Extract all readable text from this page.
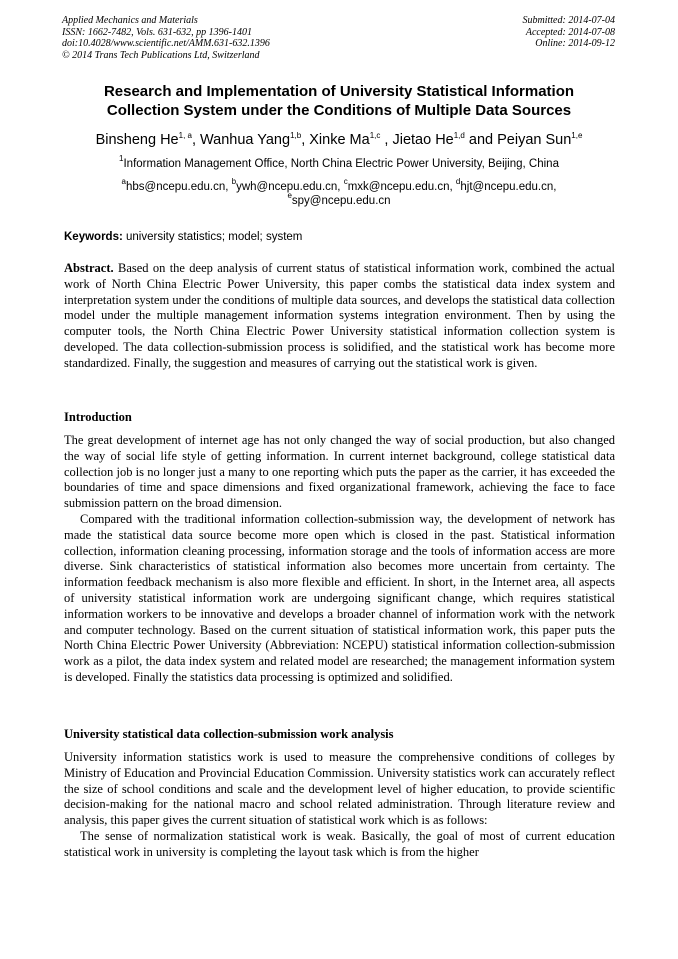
Applied Mechanics and Materials
ISSN: 1662-7482, Vols. 631-632, pp 1396-1401
doi:10.4028/www.scientific.net/AMM.631-632.1396
© 2014 Trans Tech Publications Ltd, Switzerland
Submitted: 2014-07-04
Accepted: 2014-07-08
Online: 2014-09-12
Research and Implementation of University Statistical Information
Collection System under the Conditions of Multiple Data Sources
Binsheng He$^{1, a}$, Wanhua Yang$^{1,b}$, Xinke Ma$^{1,c}$ , Jietao He$^{1,d}$ and Peiyan Sun$^{1,e}$
$^1$Information Management Office, North China Electric Power University, Beijing, China
$^a$hbs@ncepu.edu.cn, $^b$ywh@ncepu.edu.cn, $^c$mxk@ncepu.edu.cn, $^d$hjt@ncepu.edu.cn,
$^e$spy@ncepu.edu.cn
Keywords: university statistics; model; system
Abstract. Based on the deep analysis of current status of statistical information work, combined the actual work of North China Electric Power University, this paper combs the statistical data index system and interpretation system under the conditions of multiple data sources, and develops the statistical data collection model under the multiple management information systems integration environment. Then by using the computer tools, the North China Electric Power University statistical information collection system is developed. The data collection-submission process is solidified, and the statistical work has become more standardized. Finally, the suggestion and measures of carrying out the statistical work is given.
Introduction

The great development of internet age has not only changed the way of social production, but also changed the way of social life style of getting information. In current internet background, college statistical data collection job is no longer just a many to one reporting which puts the paper as the carrier, it has exceeded the boundaries of time and space dimensions and fixed organizational framework, achieving the face to face submission pattern on the broad dimension.

Compared with the traditional information collection-submission way, the development of network has made the statistical data source become more open which is closed in the past. Statistical information collection, information cleaning processing, information storage and the tools of information access are more diverse. Sink characteristics of statistical information also becomes more uncertain from certainty. The information feedback mechanism is also more flexible and efficient. In short, in the Internet area, all aspects of university statistical information work are undergoing significant change, which requires statistical information workers to be innovative and develops a broader channel of information work with the network and computer technology. Based on the current situation of statistical information work, this paper puts the North China Electric Power University (Abbreviation: NCEPU) statistical information collection-submission work as a pilot, the data index system and related model are researched; the management information system is developed. Finally the statistics data processing is optimized and solidified.

University statistical data collection-submission work analysis

University information statistics work is used to measure the comprehensive conditions of colleges by Ministry of Education and Provincial Education Commission. University statistics work can accurately reflect the size of school conditions and scale and the development level of higher education, to provide scientific decision-making for the national macro and school related administration. Through literature review and analysis, this paper gives the current situation of statistical work which is as follows:

The sense of normalization statistical work is weak. Basically, the goal of most of current education statistical work in university is completing the layout task which is from the higher
